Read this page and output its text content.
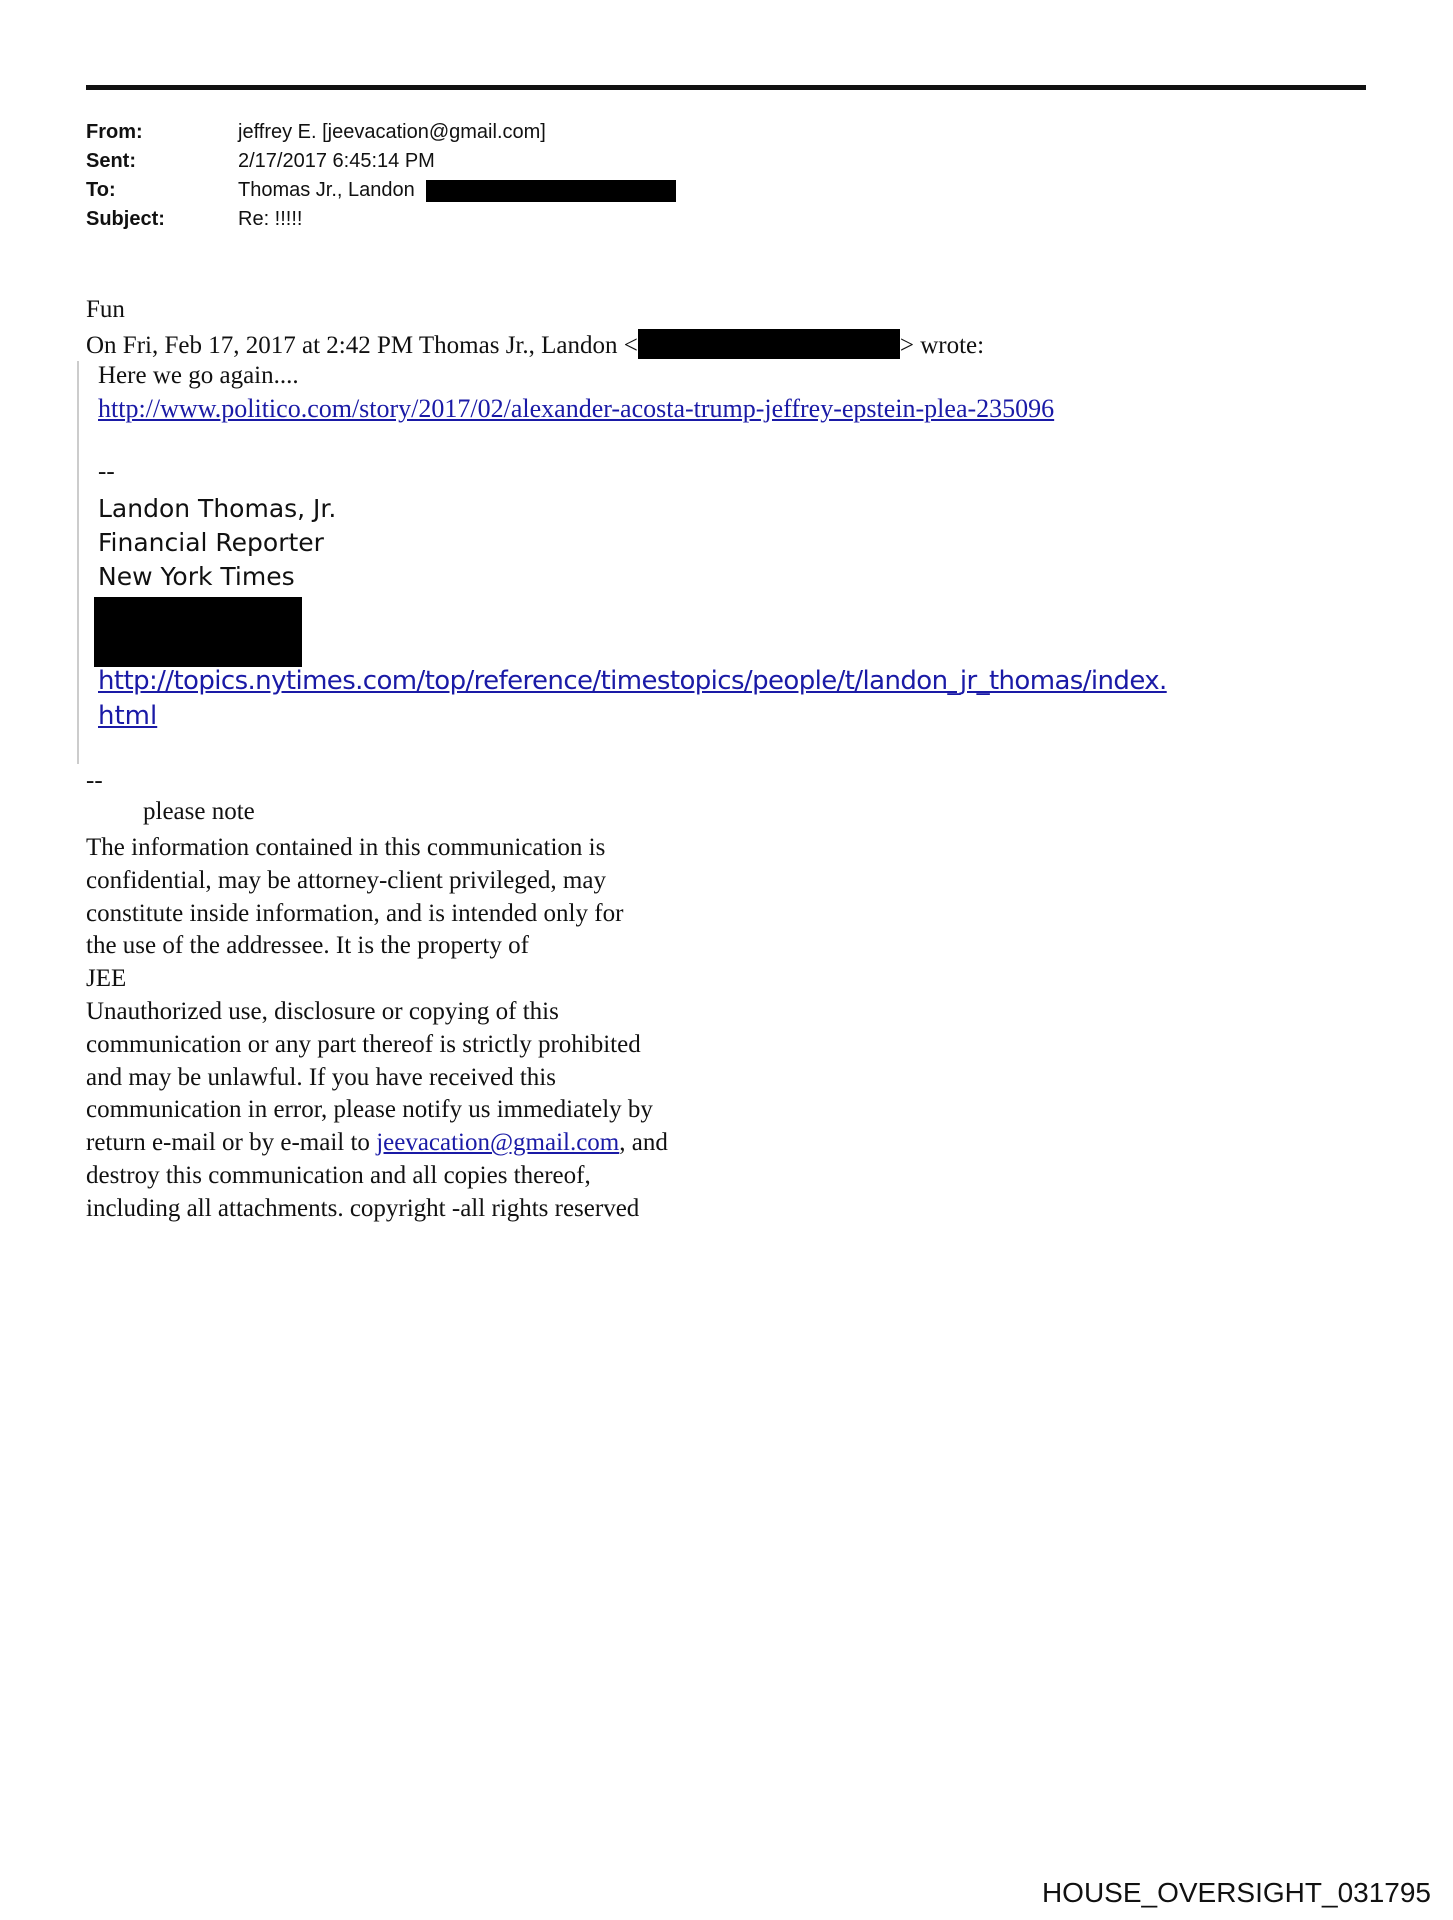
From:	jeffrey E. [jeevacation@gmail.com]
Sent:	2/17/2017 6:45:14 PM
To:	Thomas Jr., Landon
Subject:	Re: !!!!!
Fun
On Fri, Feb 17, 2017 at 2:42 PM Thomas Jr., Landon <	> wrote:
Here we go again....
http://www.politico.com/story/2017/02/alexander-acosta-trump-jeffrey-epstein-plea-235096
--
Landon Thomas, Jr.
Financial Reporter
New York Times
http://topics.nytimes.com/top/reference/timestopics/people/t/landon_jr_thomas/index.
html
--
please note
The information contained in this communication is
confidential, may be attorney-client privileged, may
constitute inside information, and is intended only for
the use of the addressee. It is the property of
JEE
Unauthorized use, disclosure or copying of this
communication or any part thereof is strictly prohibited
and may be unlawful. If you have received this
communication in error, please notify us immediately by
return e-mail or by e-mail to jeevacation@gmail.com, and
destroy this communication and all copies thereof,
including all attachments. copyright -all rights reserved
HOUSE_OVERSIGHT_031795
